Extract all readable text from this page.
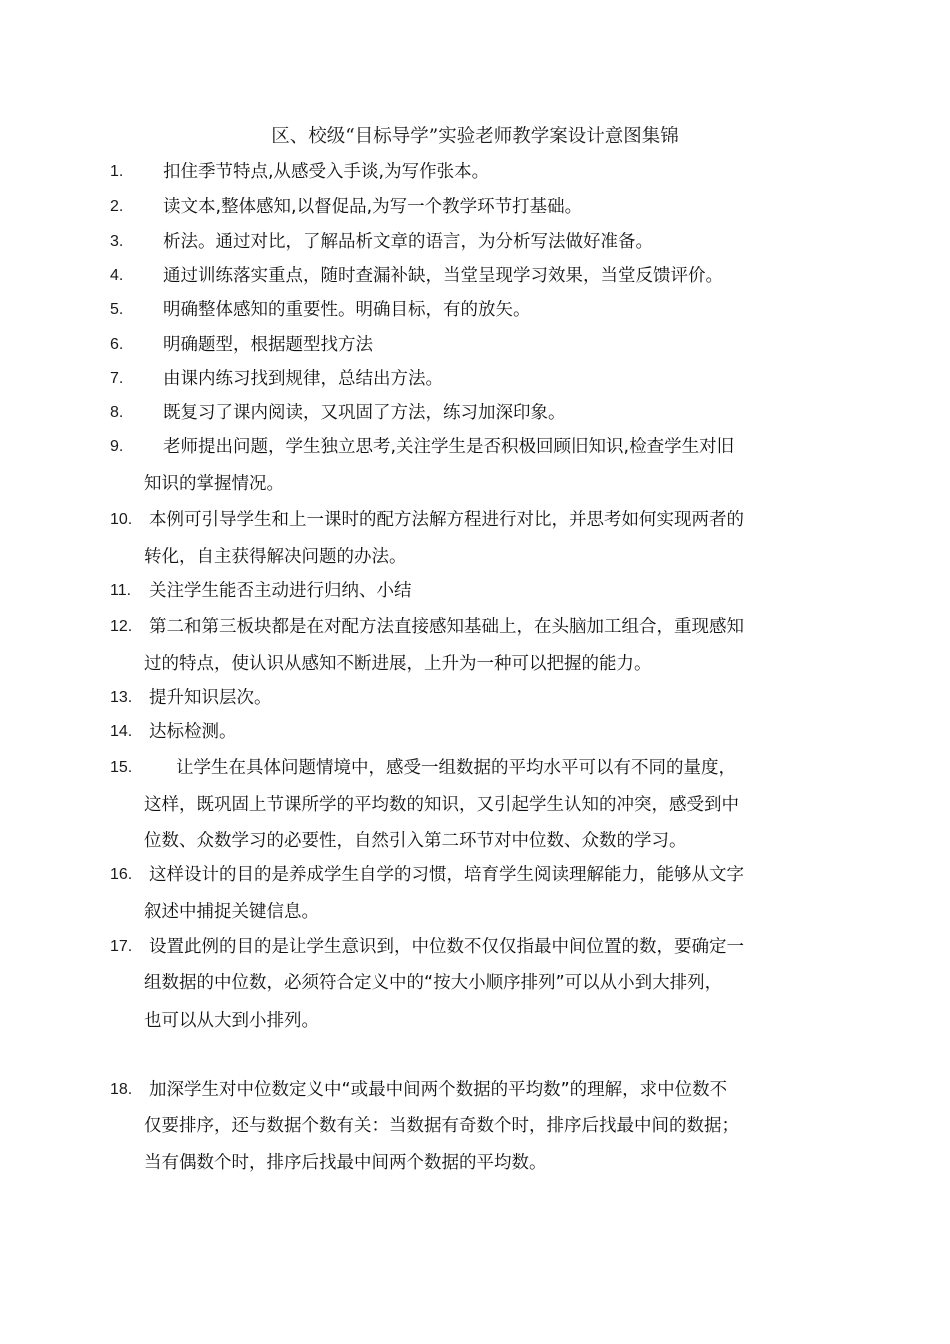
区、校级“目标导学”实验老师教学案设计意图集锦
1. 扣住季节特点,从感受入手谈,为写作张本。
2. 读文本,整体感知,以督促品,为写一个教学环节打基础。
3. 析法。通过对比，了解品析文章的语言，为分析写法做好准备。
4. 通过训练落实重点，随时查漏补缺，当堂呈现学习效果，当堂反馈评价。
5. 明确整体感知的重要性。明确目标，有的放矢。
6. 明确题型，根据题型找方法
7. 由课内练习找到规律，总结出方法。
8. 既复习了课内阅读，又巩固了方法，练习加深印象。
9. 老师提出问题，学生独立思考,关注学生是否积极回顾旧知识,检查学生对旧
知识的掌握情况。
10. 本例可引导学生和上一课时的配方法解方程进行对比，并思考如何实现两者的
转化，自主获得解决问题的办法。
11. 关注学生能否主动进行归纳、小结
12. 第二和第三板块都是在对配方法直接感知基础上，在头脑加工组合，重现感知
过的特点，使认识从感知不断进展，上升为一种可以把握的能力。
13. 提升知识层次。
14. 达标检测。
15.	让学生在具体问题情境中，感受一组数据的平均水平可以有不同的量度，
这样，既巩固上节课所学的平均数的知识，又引起学生认知的冲突，感受到中
位数、众数学习的必要性，自然引入第二环节对中位数、众数的学习。
16. 这样设计的目的是养成学生自学的习惯，培育学生阅读理解能力，能够从文字
叙述中捕捉关键信息。
17. 设置此例的目的是让学生意识到，中位数不仅仅指最中间位置的数，要确定一
组数据的中位数，必须符合定义中的“按大小顺序排列”可以从小到大排列，
也可以从大到小排列。
18. 加深学生对中位数定义中“或最中间两个数据的平均数”的理解，求中位数不
仅要排序，还与数据个数有关：当数据有奇数个时，排序后找最中间的数据；
当有偶数个时，排序后找最中间两个数据的平均数。
